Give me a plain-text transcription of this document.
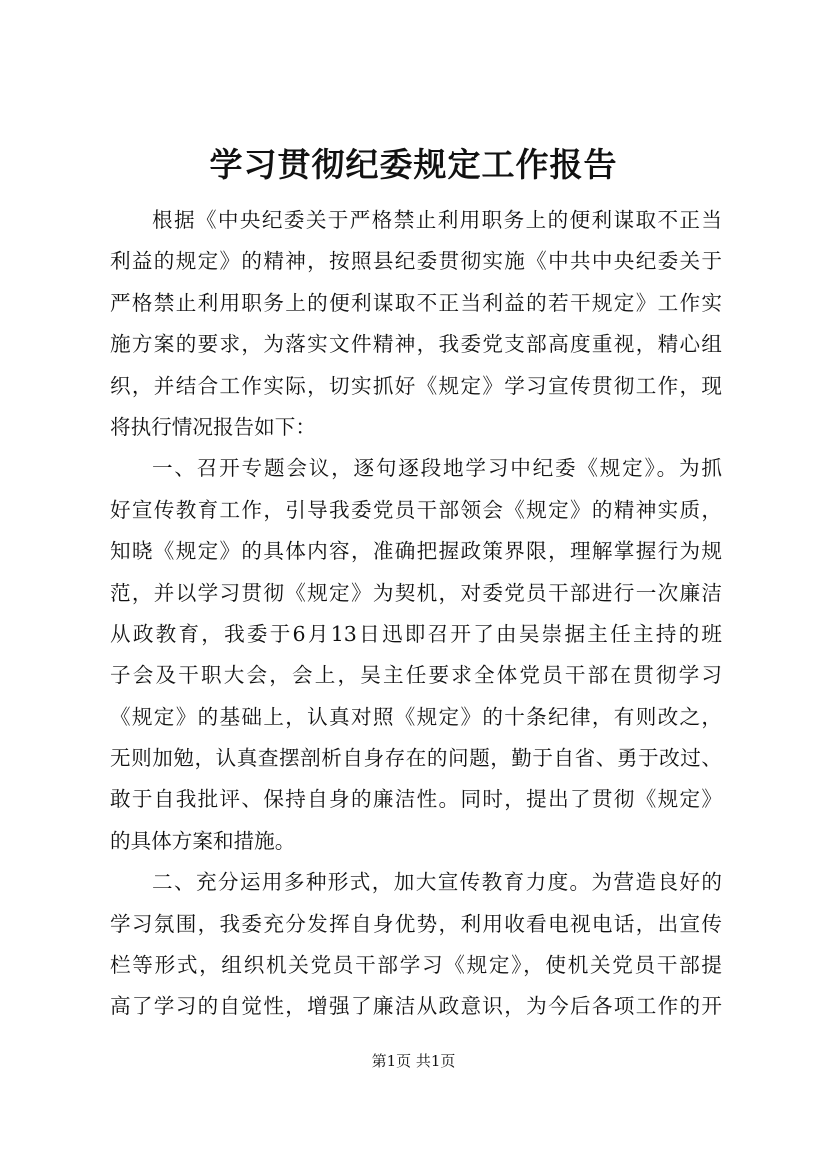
学习贯彻纪委规定工作报告
根据《中央纪委关于严格禁止利用职务上的便利谋取不正当
利益的规定》的精神，按照县纪委贯彻实施《中共中央纪委关于
严格禁止利用职务上的便利谋取不正当利益的若干规定》工作实
施方案的要求，为落实文件精神，我委党支部高度重视，精心组
织，并结合工作实际，切实抓好《规定》学习宣传贯彻工作，现
将执行情况报告如下：
一、召开专题会议，逐句逐段地学习中纪委《规定》。为抓
好宣传教育工作，引导我委党员干部领会《规定》的精神实质，
知晓《规定》的具体内容，准确把握政策界限，理解掌握行为规
范，并以学习贯彻《规定》为契机，对委党员干部进行一次廉洁
从政教育，我委于6月13日迅即召开了由吴崇据主任主持的班
子会及干职大会，会上，吴主任要求全体党员干部在贯彻学习
《规定》的基础上，认真对照《规定》的十条纪律，有则改之，
无则加勉，认真查摆剖析自身存在的问题，勤于自省、勇于改过、
敢于自我批评、保持自身的廉洁性。同时，提出了贯彻《规定》
的具体方案和措施。
二、充分运用多种形式，加大宣传教育力度。为营造良好的
学习氛围，我委充分发挥自身优势，利用收看电视电话，出宣传
栏等形式，组织机关党员干部学习《规定》，使机关党员干部提
高了学习的自觉性，增强了廉洁从政意识，为今后各项工作的开
第1页 共1页
